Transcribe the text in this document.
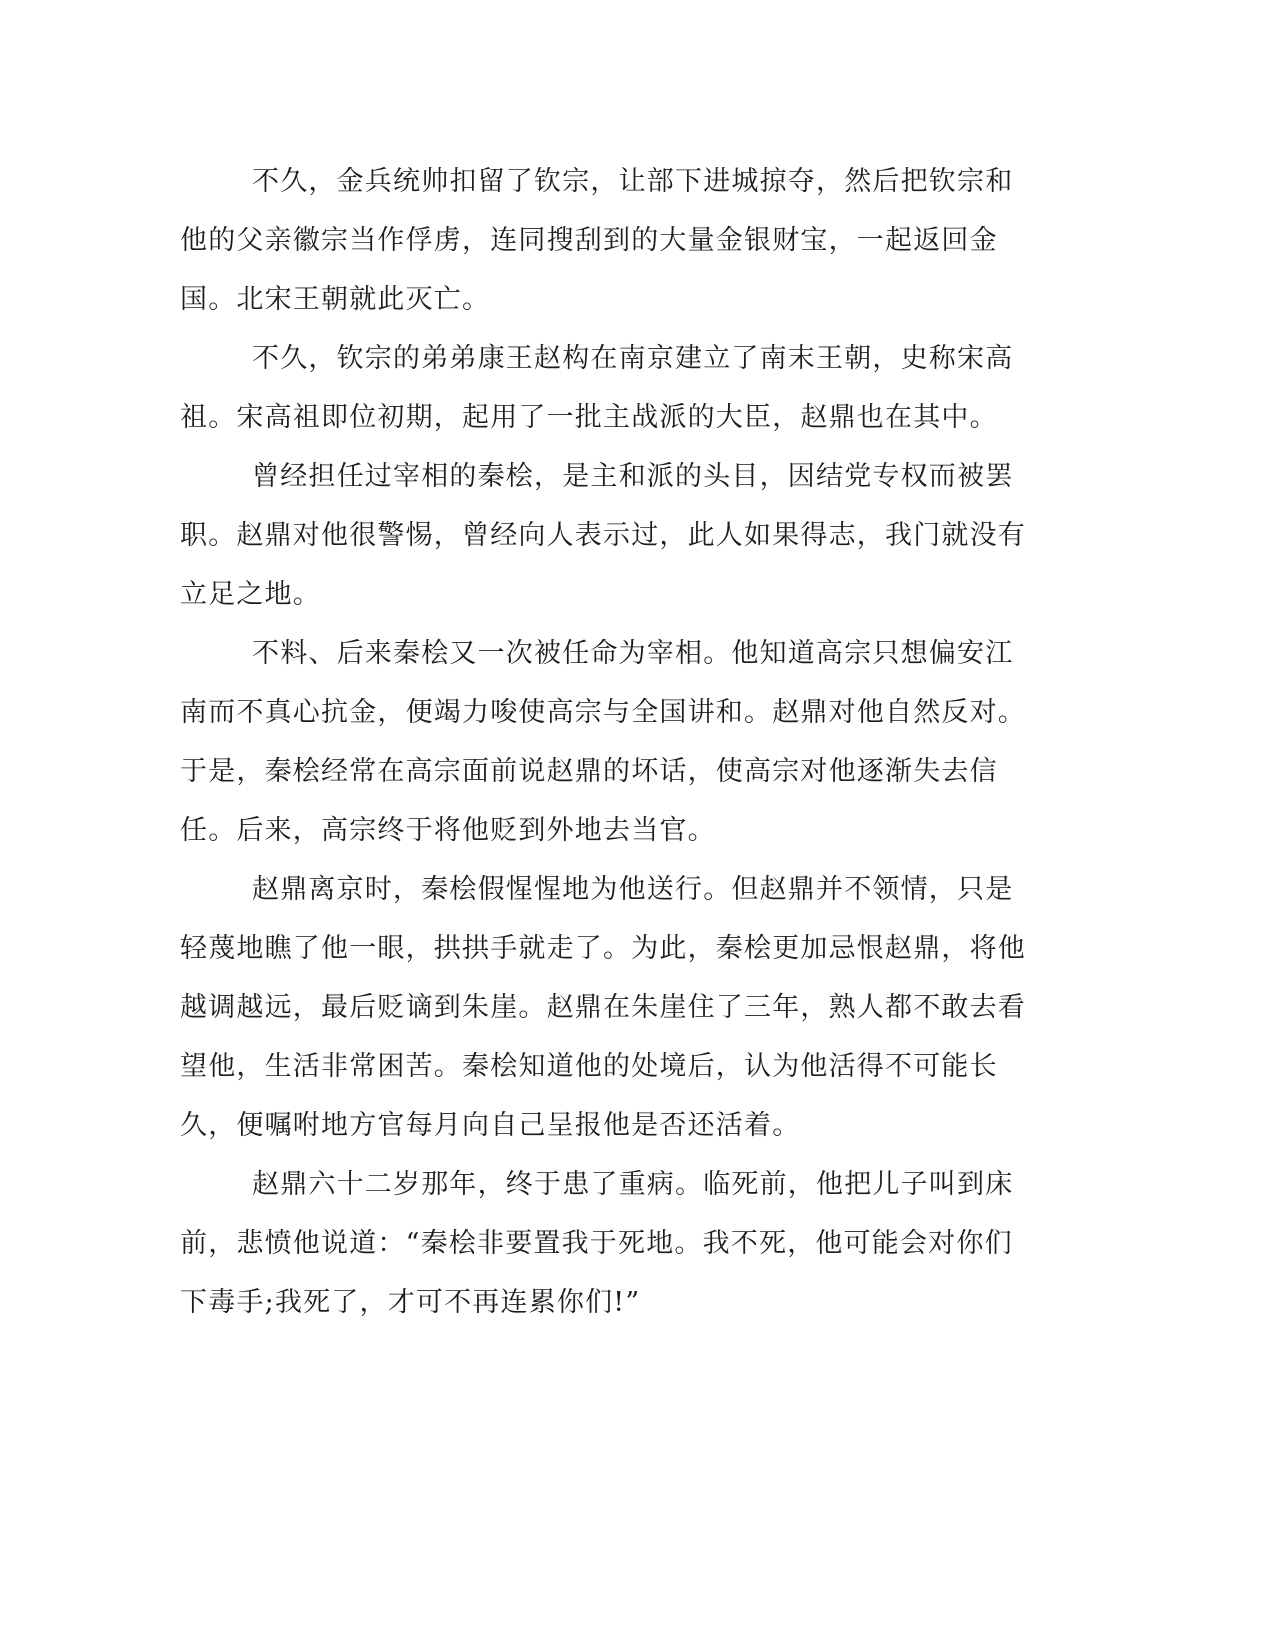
不久，金兵统帅扣留了钦宗，让部下进城掠夺，然后把钦宗和他的父亲徽宗当作俘虏，连同搜刮到的大量金银财宝，一起返回金国。北宋王朝就此灭亡。

不久，钦宗的弟弟康王赵构在南京建立了南末王朝，史称宋高祖。宋高祖即位初期，起用了一批主战派的大臣，赵鼎也在其中。

曾经担任过宰相的秦桧，是主和派的头目，因结党专权而被罢职。赵鼎对他很警惕，曾经向人表示过，此人如果得志，我门就没有立足之地。

不料、后来秦桧又一次被任命为宰相。他知道高宗只想偏安江南而不真心抗金，便竭力唆使高宗与全国讲和。赵鼎对他自然反对。于是，秦桧经常在高宗面前说赵鼎的坏话，使高宗对他逐渐失去信任。后来，高宗终于将他贬到外地去当官。

赵鼎离京时，秦桧假惺惺地为他送行。但赵鼎并不领情，只是轻蔑地瞧了他一眼，拱拱手就走了。为此，秦桧更加忌恨赵鼎，将他越调越远，最后贬谪到朱崖。赵鼎在朱崖住了三年，熟人都不敢去看望他，生活非常困苦。秦桧知道他的处境后，认为他活得不可能长久，便嘱咐地方官每月向自己呈报他是否还活着。

赵鼎六十二岁那年，终于患了重病。临死前，他把儿子叫到床前，悲愤他说道：“秦桧非要置我于死地。我不死，他可能会对你们下毒手;我死了，才可不再连累你们!”
